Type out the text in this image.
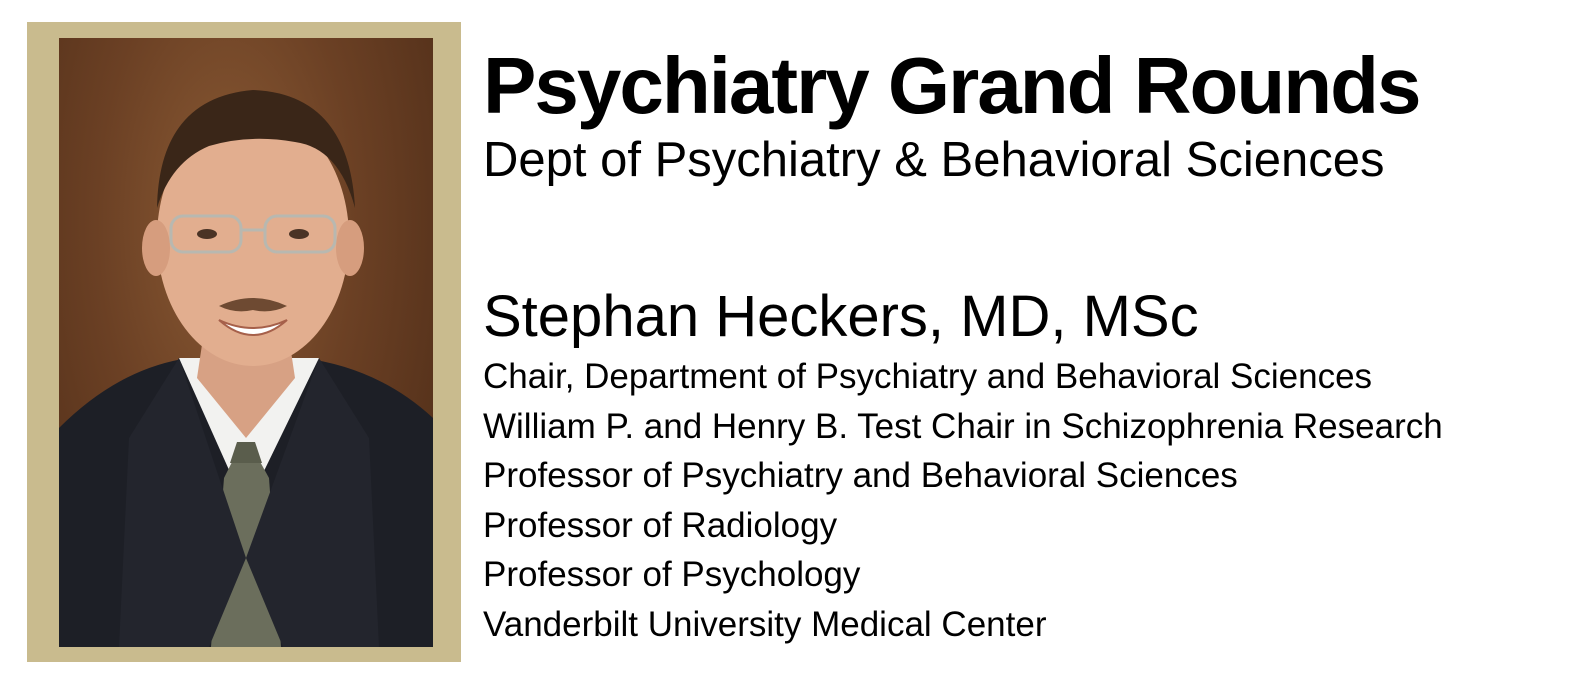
Psychiatry Grand Rounds
Dept of Psychiatry & Behavioral Sciences
Stephan Heckers, MD, MSc
Chair, Department of Psychiatry and Behavioral Sciences
William P. and Henry B. Test Chair in Schizophrenia Research
Professor of Psychiatry and Behavioral Sciences
Professor of Radiology
Professor of Psychology
Vanderbilt University Medical Center
